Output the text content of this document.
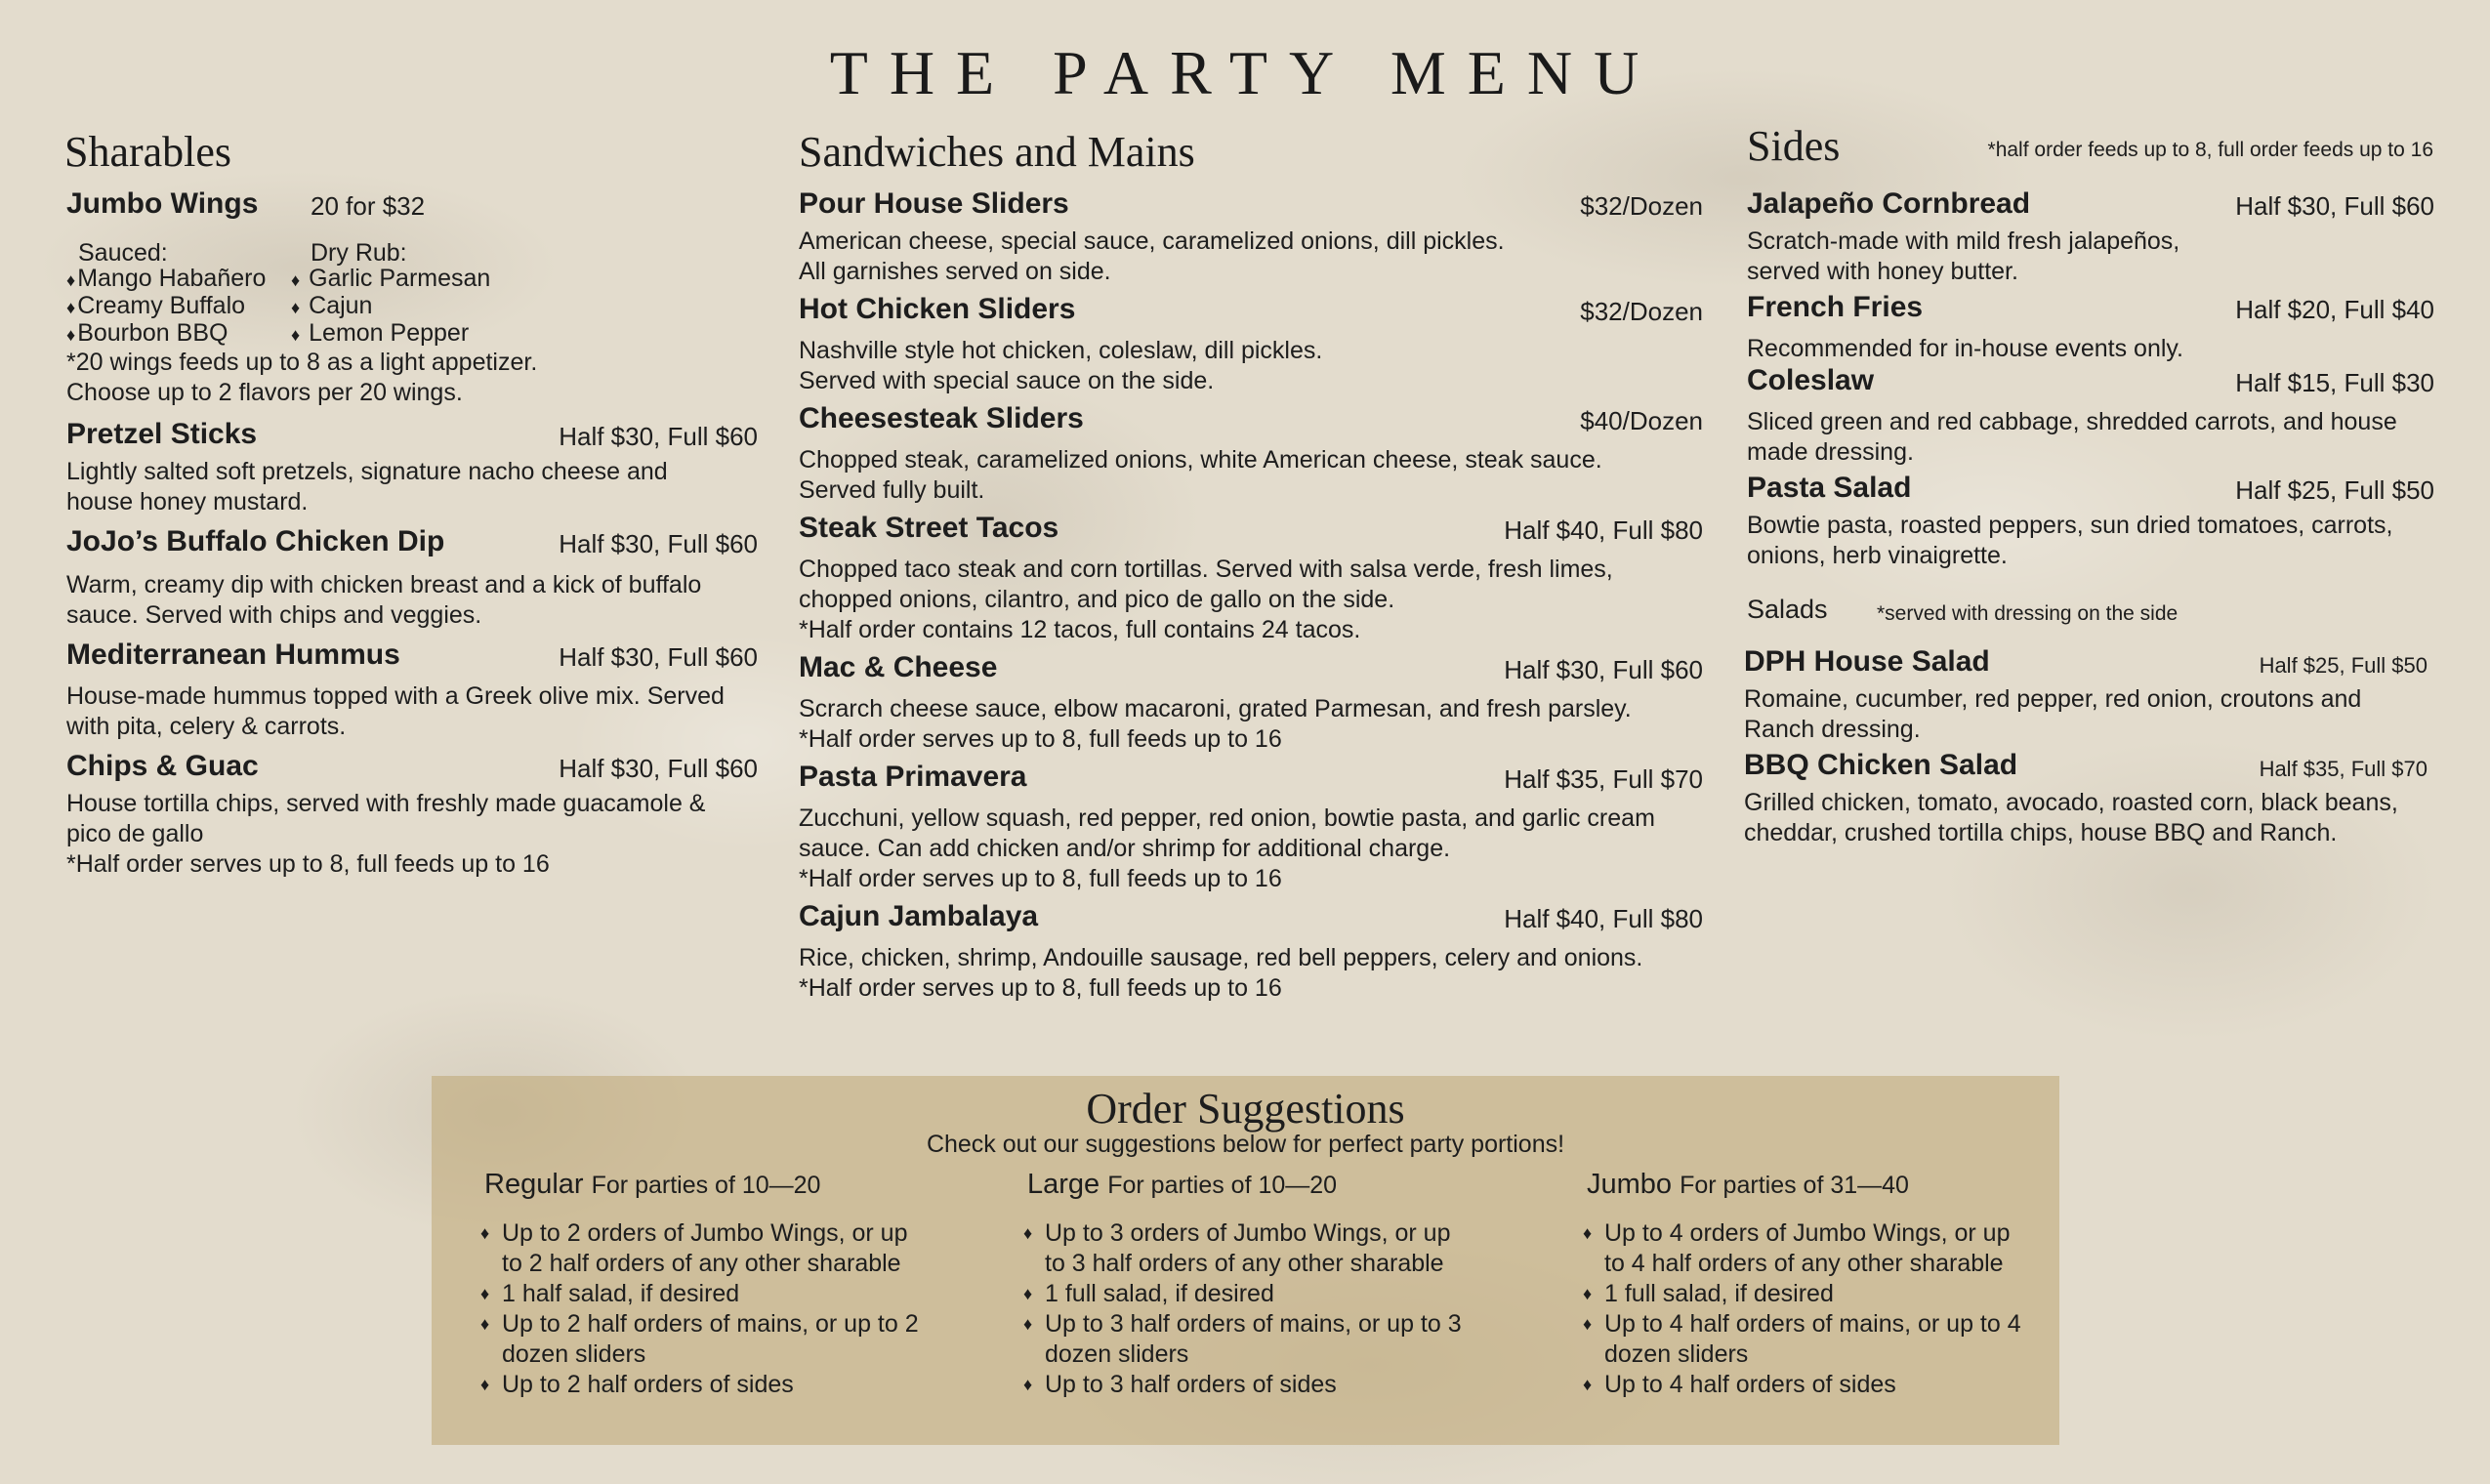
THE PARTY MENU
Sharables
Jumbo Wings 20 for $32
Sauced:
♦Mango Habañero
♦Creamy Buffalo
♦Bourbon BBQ
Dry Rub:
♦ Garlic Parmesan
♦ Cajun
♦ Lemon Pepper
*20 wings feeds up to 8 as a light appetizer.
Choose up to 2 flavors per 20 wings.
Pretzel Sticks	Half $30, Full $60
Lightly salted soft pretzels, signature nacho cheese and
house honey mustard.
JoJo’s Buffalo Chicken Dip	Half $30, Full $60
Warm, creamy dip with chicken breast and a kick of buffalo
sauce. Served with chips and veggies.
Mediterranean Hummus	Half $30, Full $60
House-made hummus topped with a Greek olive mix. Served
with pita, celery & carrots.
Chips & Guac	Half $30, Full $60
House tortilla chips, served with freshly made guacamole &
pico de gallo
*Half order serves up to 8, full feeds up to 16
Sandwiches and Mains
Pour House Sliders	$32/Dozen
American cheese, special sauce, caramelized onions, dill pickles.
All garnishes served on side.
Hot Chicken Sliders	$32/Dozen
Nashville style hot chicken, coleslaw, dill pickles.
Served with special sauce on the side.
Cheesesteak Sliders	$40/Dozen
Chopped steak, caramelized onions, white American cheese, steak sauce.
Served fully built.
Steak Street Tacos	Half $40, Full $80
Chopped taco steak and corn tortillas. Served with salsa verde, fresh limes,
chopped onions, cilantro, and pico de gallo on the side.
*Half order contains 12 tacos, full contains 24 tacos.
Mac & Cheese	Half $30, Full $60
Scrarch cheese sauce, elbow macaroni, grated Parmesan, and fresh parsley.
*Half order serves up to 8, full feeds up to 16
Pasta Primavera	Half $35, Full $70
Zucchuni, yellow squash, red pepper, red onion, bowtie pasta, and garlic cream
sauce. Can add chicken and/or shrimp for additional charge.
*Half order serves up to 8, full feeds up to 16
Cajun Jambalaya	Half $40, Full $80
Rice, chicken, shrimp, Andouille sausage, red bell peppers, celery and onions.
*Half order serves up to 8, full feeds up to 16
Sides	*half order feeds up to 8, full order feeds up to 16
Jalapeño Cornbread	Half $30, Full $60
Scratch-made with mild fresh jalapeños,
served with honey butter.
French Fries	Half $20, Full $40
Recommended for in-house events only.
Coleslaw	Half $15, Full $30
Sliced green and red cabbage, shredded carrots, and house
made dressing.
Pasta Salad	Half $25, Full $50
Bowtie pasta, roasted peppers, sun dried tomatoes, carrots,
onions, herb vinaigrette.
Salads *served with dressing on the side
DPH House Salad	Half $25, Full $50
Romaine, cucumber, red pepper, red onion, croutons and
Ranch dressing.
BBQ Chicken Salad	Half $35, Full $70
Grilled chicken, tomato, avocado, roasted corn, black beans,
cheddar, crushed tortilla chips, house BBQ and Ranch.
Order Suggestions
Check out our suggestions below for perfect party portions!
Regular For parties of 10—20
♦ Up to 2 orders of Jumbo Wings, or up to 2 half orders of any other sharable
♦ 1 half salad, if desired
♦ Up to 2 half orders of mains, or up to 2 dozen sliders
♦ Up to 2 half orders of sides
Large For parties of 10—20
♦ Up to 3 orders of Jumbo Wings, or up to 3 half orders of any other sharable
♦ 1 full salad, if desired
♦ Up to 3 half orders of mains, or up to 3 dozen sliders
♦ Up to 3 half orders of sides
Jumbo For parties of 31—40
♦ Up to 4 orders of Jumbo Wings, or up to 4 half orders of any other sharable
♦ 1 full salad, if desired
♦ Up to 4 half orders of mains, or up to 4 dozen sliders
♦ Up to 4 half orders of sides
